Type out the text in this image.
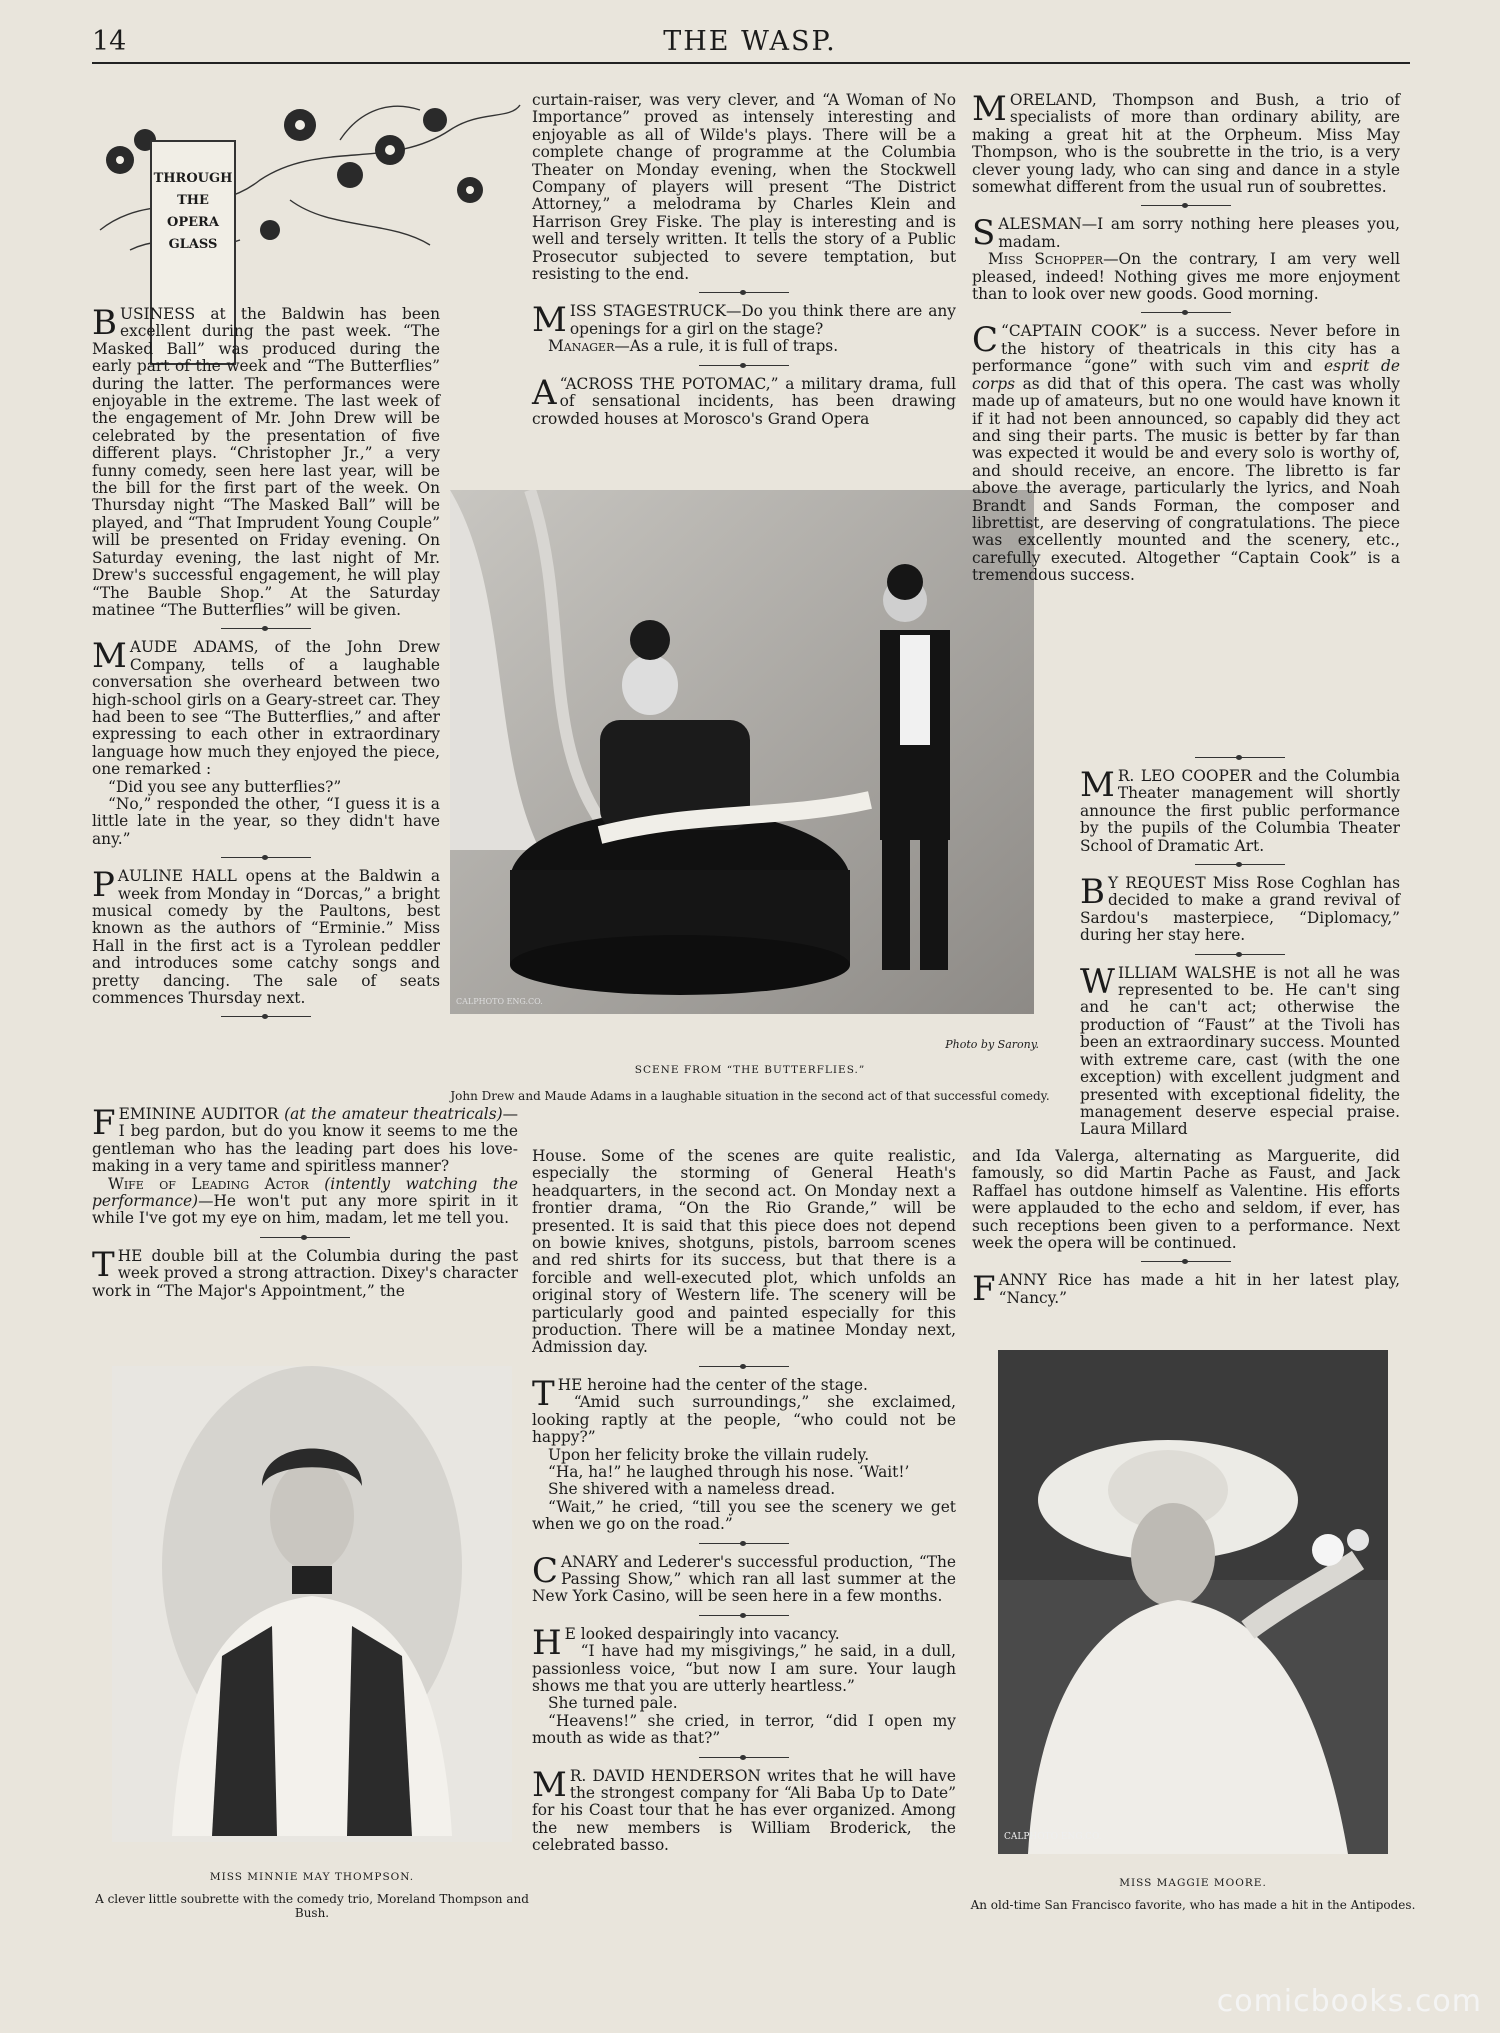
14	THE WASP.
THROUGH
THE
OPERA
GLASS
B USINESS at the Baldwin has been excellent during the past week. “The Masked Ball” was produced during the early part of the week and “The Butterflies” during the latter. The performances were enjoyable in the extreme. The last week of the engagement of Mr. John Drew will be celebrated by the presentation of five different plays. “Christopher Jr.,” a very funny comedy, seen here last year, will be the bill for the first part of the week. On Thursday night “The Masked Ball” will be played, and “That Imprudent Young Couple” will be presented on Friday evening. On Saturday evening, the last night of Mr. Drew's successful engagement, he will play “The Bauble Shop.” At the Saturday matinee “The Butterflies” will be given.

M AUDE ADAMS, of the John Drew Company, tells of a laughable conversation she overheard between two high-school girls on a Geary-street car. They had been to see “The Butterflies,” and after expressing to each other in extraordinary language how much they enjoyed the piece, one remarked :

“Did you see any butterflies?”

“No,” responded the other, “I guess it is a little late in the year, so they didn't have any.”

P AULINE HALL opens at the Baldwin a week from Monday in “Dorcas,” a bright musical comedy by the Paultons, best known as the authors of “Erminie.” Miss Hall in the first act is a Tyrolean peddler and introduces some catchy songs and pretty dancing. The sale of seats commences Thursday next.

F EMININE AUDITOR (at the amateur theatricals)—I beg pardon, but do you know it seems to me the gentleman who has the leading part does his love-making in a very tame and spiritless manner?

Wife of Leading Actor (intently watching the performance)—He won't put any more spirit in it while I've got my eye on him, madam, let me tell you.

T HE double bill at the Columbia during the past week proved a strong attraction. Dixey's character work in “The Major's Appointment,” the

curtain-raiser, was very clever, and “A Woman of No Importance” proved as intensely interesting and enjoyable as all of Wilde's plays. There will be a complete change of programme at the Columbia Theater on Monday evening, when the Stockwell Company of players will present “The District Attorney,” a melodrama by Charles Klein and Harrison Grey Fiske. The play is interesting and is well and tersely written. It tells the story of a Public Prosecutor subjected to severe temptation, but resisting to the end.

M ISS STAGESTRUCK—Do you think there are any openings for a girl on the stage?

Manager—As a rule, it is full of traps.

A “ACROSS THE POTOMAC,” a military drama, full of sensational incidents, has been drawing crowded houses at Morosco's Grand Opera

CALPHOTO ENG.CO.
Photo by Sarony.
SCENE FROM “THE BUTTERFLIES.”
John Drew and Maude Adams in a laughable situation in the second act of that successful comedy.

House. Some of the scenes are quite realistic, especially the storming of General Heath's headquarters, in the second act. On Monday next a frontier drama, “On the Rio Grande,” will be presented. It is said that this piece does not depend on bowie knives, shotguns, pistols, barroom scenes and red shirts for its success, but that there is a forcible and well-executed plot, which unfolds an original story of Western life. The scenery will be particularly good and painted especially for this production. There will be a matinee Monday next, Admission day.

T HE heroine had the center of the stage.

“Amid such surroundings,” she exclaimed, looking raptly at the people, “who could not be happy?”

Upon her felicity broke the villain rudely.

“Ha, ha!” he laughed through his nose. ‘Wait!’

She shivered with a nameless dread.

“Wait,” he cried, “till you see the scenery we get when we go on the road.”

C ANARY and Lederer's successful production, “The Passing Show,” which ran all last summer at the New York Casino, will be seen here in a few months.

H E looked despairingly into vacancy.

“I have had my misgivings,” he said, in a dull, passionless voice, “but now I am sure. Your laugh shows me that you are utterly heartless.”

She turned pale.

“Heavens!” she cried, in terror, “did I open my mouth as wide as that?”

M R. DAVID HENDERSON writes that he will have the strongest company for “Ali Baba Up to Date” for his Coast tour that he has ever organized. Among the new members is William Broderick, the celebrated basso.

M ORELAND, Thompson and Bush, a trio of specialists of more than ordinary ability, are making a great hit at the Orpheum. Miss May Thompson, who is the soubrette in the trio, is a very clever young lady, who can sing and dance in a style somewhat different from the usual run of soubrettes.

S ALESMAN—I am sorry nothing here pleases you, madam.

Miss Schopper—On the contrary, I am very well pleased, indeed! Nothing gives me more enjoyment than to look over new goods. Good morning.

C “CAPTAIN COOK” is a success. Never before in the history of theatricals in this city has a performance “gone” with such vim and esprit de corps as did that of this opera. The cast was wholly made up of amateurs, but no one would have known it if it had not been announced, so capably did they act and sing their parts. The music is better by far than was expected it would be and every solo is worthy of, and should receive, an encore. The libretto is far above the average, particularly the lyrics, and Noah Brandt and Sands Forman, the composer and librettist, are deserving of congratulations. The piece was excellently mounted and the scenery, etc., carefully executed. Altogether “Captain Cook” is a tremendous success.

M R. LEO COOPER and the Columbia Theater management will shortly announce the first public performance by the pupils of the Columbia Theater School of Dramatic Art.

B Y REQUEST Miss Rose Coghlan has decided to make a grand revival of Sardou's masterpiece, “Diplomacy,” during her stay here.

W ILLIAM WALSHE is not all he was represented to be. He can't sing and he can't act; otherwise the production of “Faust” at the Tivoli has been an extraordinary success. Mounted with extreme care, cast (with the one exception) with excellent judgment and presented with exceptional fidelity, the management deserve especial praise. Laura Millard

and Ida Valerga, alternating as Marguerite, did famously, so did Martin Pache as Faust, and Jack Raffael has outdone himself as Valentine. His efforts were applauded to the echo and seldom, if ever, has such receptions been given to a performance. Next week the opera will be continued.

F ANNY Rice has made a hit in her latest play, “Nancy.”

MISS MINNIE MAY THOMPSON.
A clever little soubrette with the comedy trio, Moreland Thompson and Bush.
CALPHOTO ENG.CO.
MISS MAGGIE MOORE.
An old-time San Francisco favorite, who has made a hit in the Antipodes.
comicbooks.com
